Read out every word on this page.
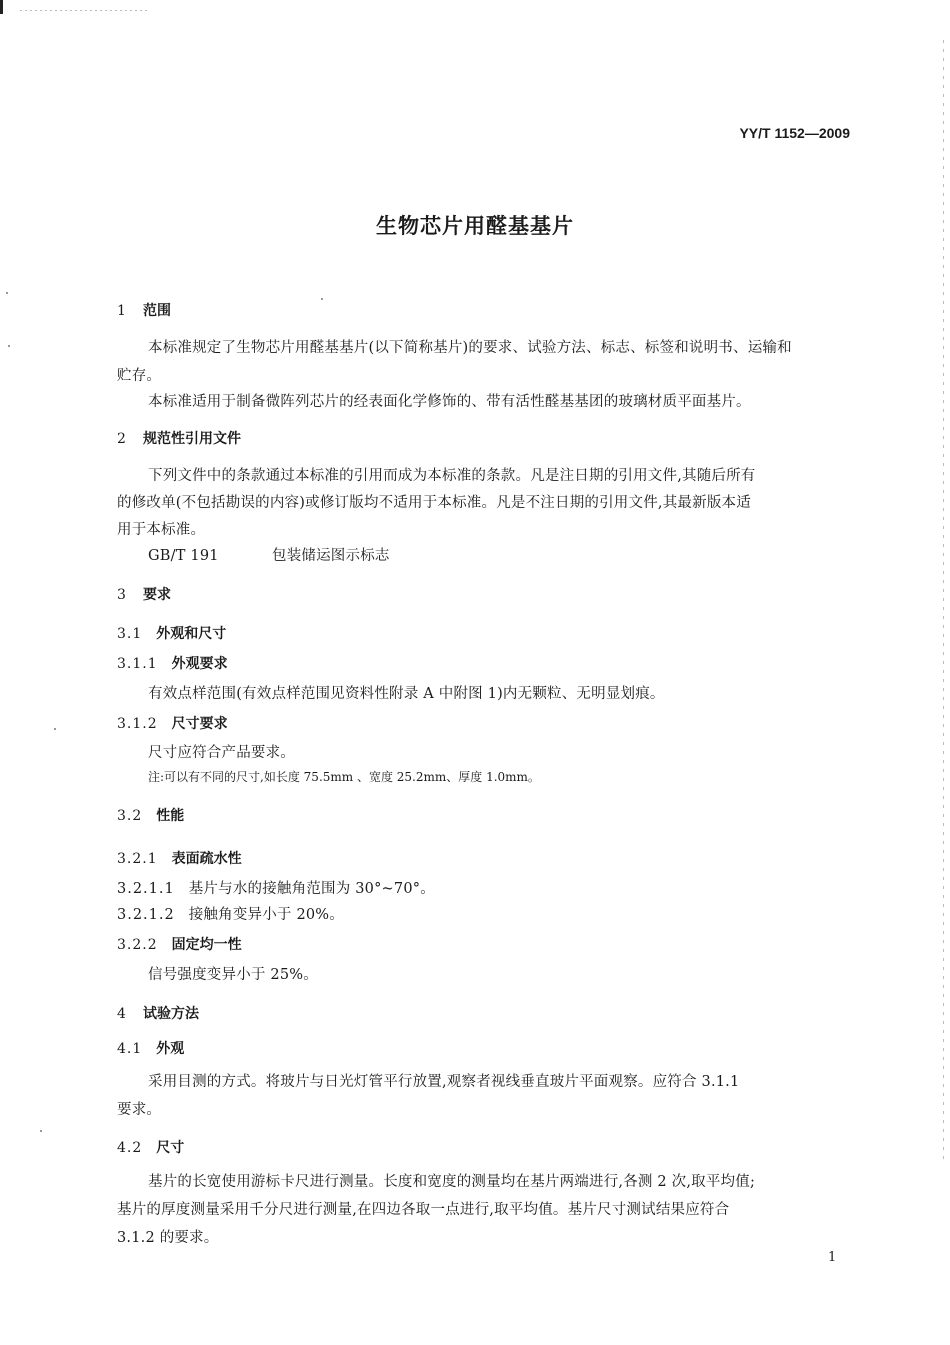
YY/T 1152—2009
生物芯片用醛基基片
1 范围
本标准规定了生物芯片用醛基基片(以下简称基片)的要求、试验方法、标志、标签和说明书、运输和
贮存。
本标准适用于制备微阵列芯片的经表面化学修饰的、带有活性醛基基团的玻璃材质平面基片。
2 规范性引用文件
下列文件中的条款通过本标准的引用而成为本标准的条款。凡是注日期的引用文件,其随后所有
的修改单(不包括勘误的内容)或修订版均不适用于本标准。凡是不注日期的引用文件,其最新版本适
用于本标准。
GB/T 191	包装储运图示标志
3 要求
3.1 外观和尺寸
3.1.1 外观要求
有效点样范围(有效点样范围见资料性附录 A 中附图 1)内无颗粒、无明显划痕。
3.1.2 尺寸要求
尺寸应符合产品要求。
注:可以有不同的尺寸,如长度 75.5mm 、宽度 25.2mm、厚度 1.0mm。
3.2 性能
3.2.1 表面疏水性
3.2.1.1 基片与水的接触角范围为 30°~70°。
3.2.1.2 接触角变异小于 20%。
3.2.2 固定均一性
信号强度变异小于 25%。
4 试验方法
4.1 外观
采用目测的方式。将玻片与日光灯管平行放置,观察者视线垂直玻片平面观察。应符合 3.1.1
要求。
4.2 尺寸
基片的长宽使用游标卡尺进行测量。长度和宽度的测量均在基片两端进行,各测 2 次,取平均值;
基片的厚度测量采用千分尺进行测量,在四边各取一点进行,取平均值。基片尺寸测试结果应符合
3.1.2 的要求。
1
